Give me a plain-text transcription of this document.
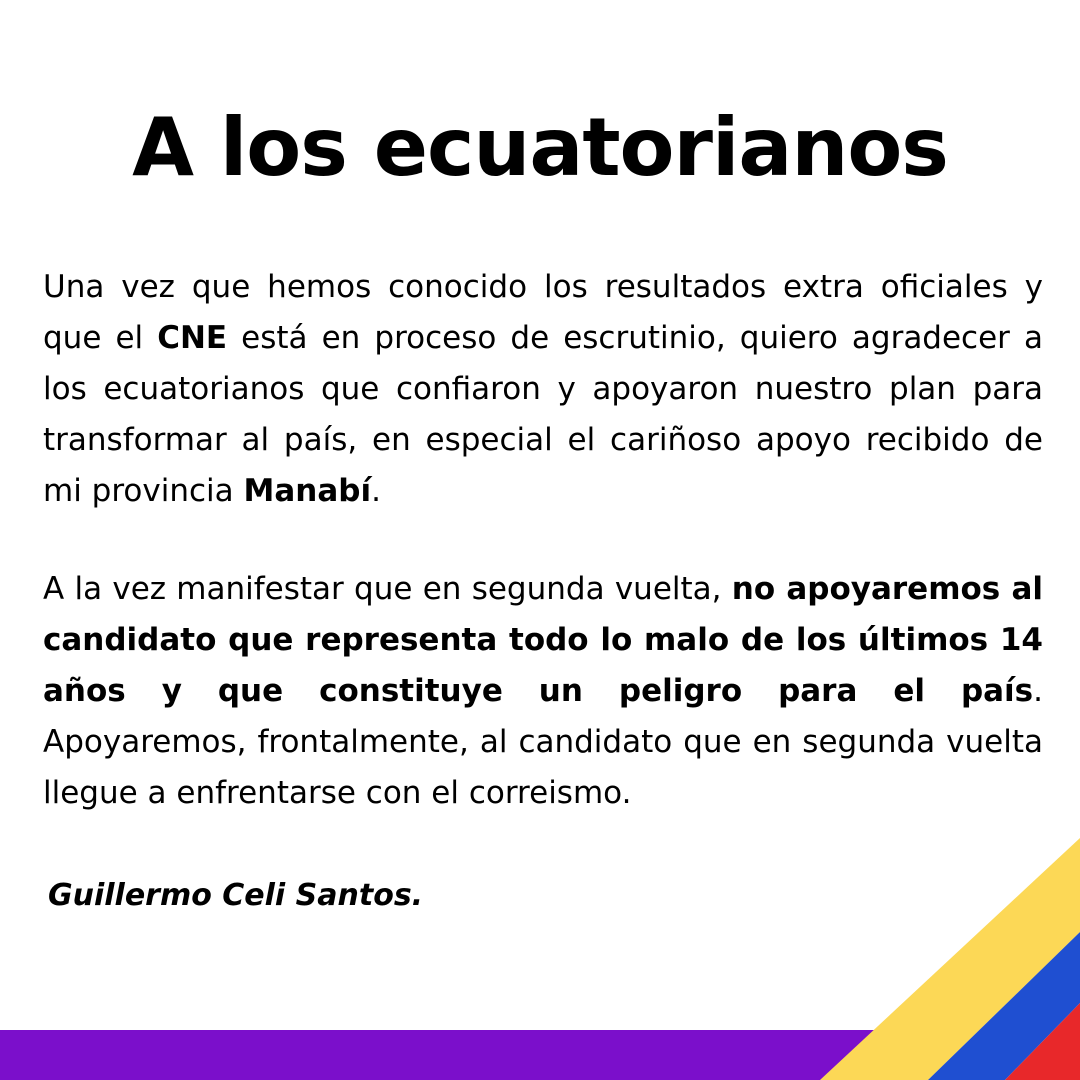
A los ecuatorianos

Una vez que hemos conocido los resultados extra oficiales y que el CNE está en proceso de escrutinio, quiero agradecer a los ecuatorianos que confiaron y apoyaron nuestro plan para transformar al país, en especial el cariñoso apoyo recibido de mi provincia Manabí.

A la vez manifestar que en segunda vuelta, no apoyaremos al candidato que representa todo lo malo de los últimos 14 años y que constituye un peligro para el país. Apoyaremos, frontalmente, al candidato que en segunda vuelta llegue a enfrentarse con el correismo.

Guillermo Celi Santos.
